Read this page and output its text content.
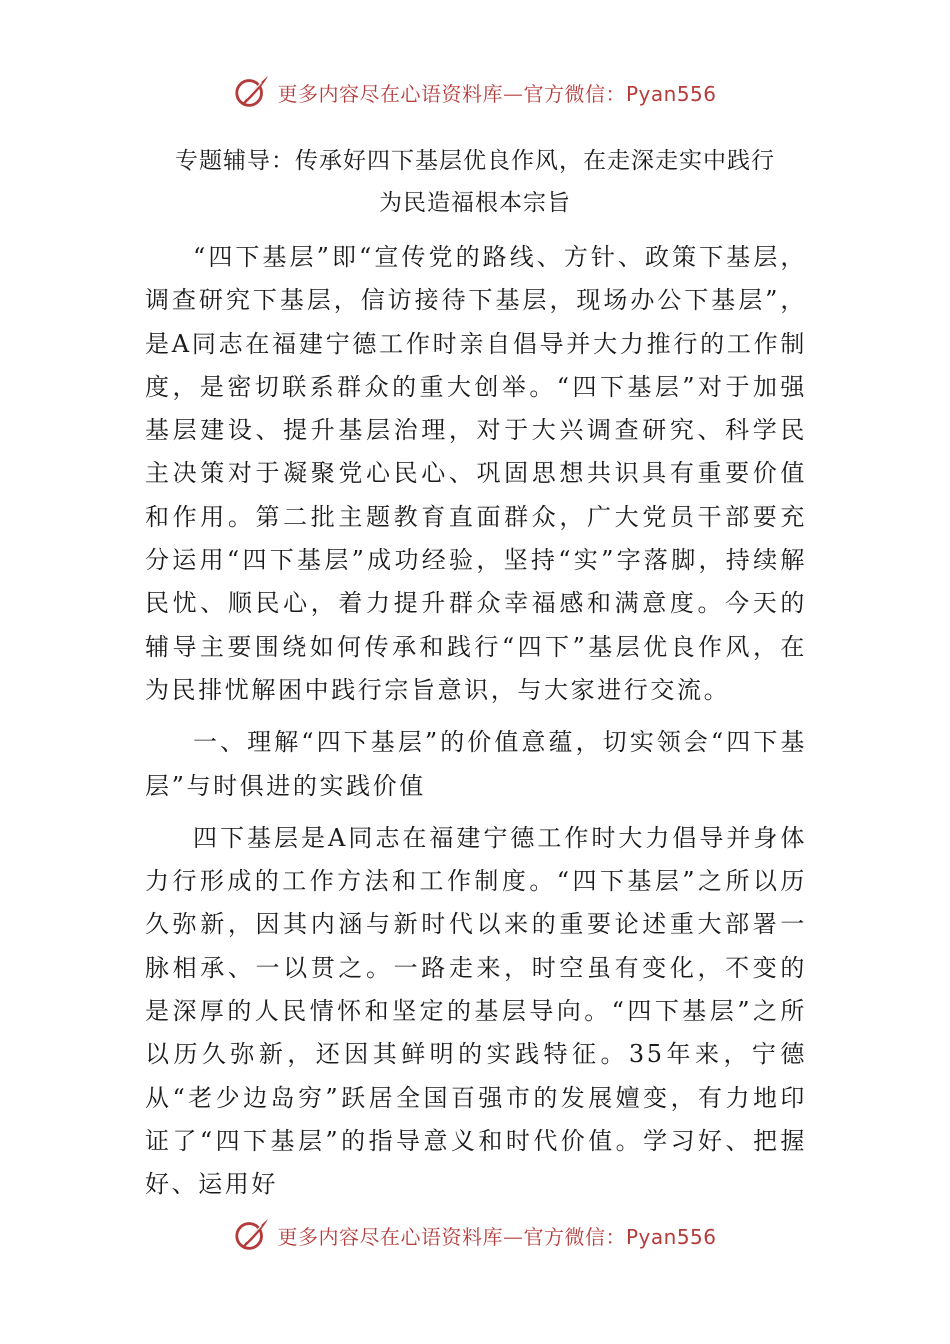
更多内容尽在心语资料库—官方微信：Pyan556
专题辅导：传承好四下基层优良作风，在走深走实中践行
为民造福根本宗旨

“四下基层”即“宣传党的路线、方针、政策下基层，调查研究下基层，信访接待下基层，现场办公下基层”，是A同志在福建宁德工作时亲自倡导并大力推行的工作制度，是密切联系群众的重大创举。“四下基层”对于加强基层建设、提升基层治理，对于大兴调查研究、科学民主决策对于凝聚党心民心、巩固思想共识具有重要价值和作用。第二批主题教育直面群众，广大党员干部要充分运用“四下基层”成功经验，坚持“实”字落脚，持续解民忧、顺民心，着力提升群众幸福感和满意度。今天的辅导主要围绕如何传承和践行“四下”基层优良作风，在为民排忧解困中践行宗旨意识，与大家进行交流。

一、理解“四下基层”的价值意蕴，切实领会“四下基层”与时俱进的实践价值

四下基层是A同志在福建宁德工作时大力倡导并身体力行形成的工作方法和工作制度。“四下基层”之所以历久弥新，因其内涵与新时代以来的重要论述重大部署一脉相承、一以贯之。一路走来，时空虽有变化，不变的是深厚的人民情怀和坚定的基层导向。“四下基层”之所以历久弥新，还因其鲜明的实践特征。35年来，宁德从“老少边岛穷”跃居全国百强市的发展嬗变，有力地印证了“四下基层”的指导意义和时代价值。学习好、把握好、运用好

更多内容尽在心语资料库—官方微信：Pyan556
